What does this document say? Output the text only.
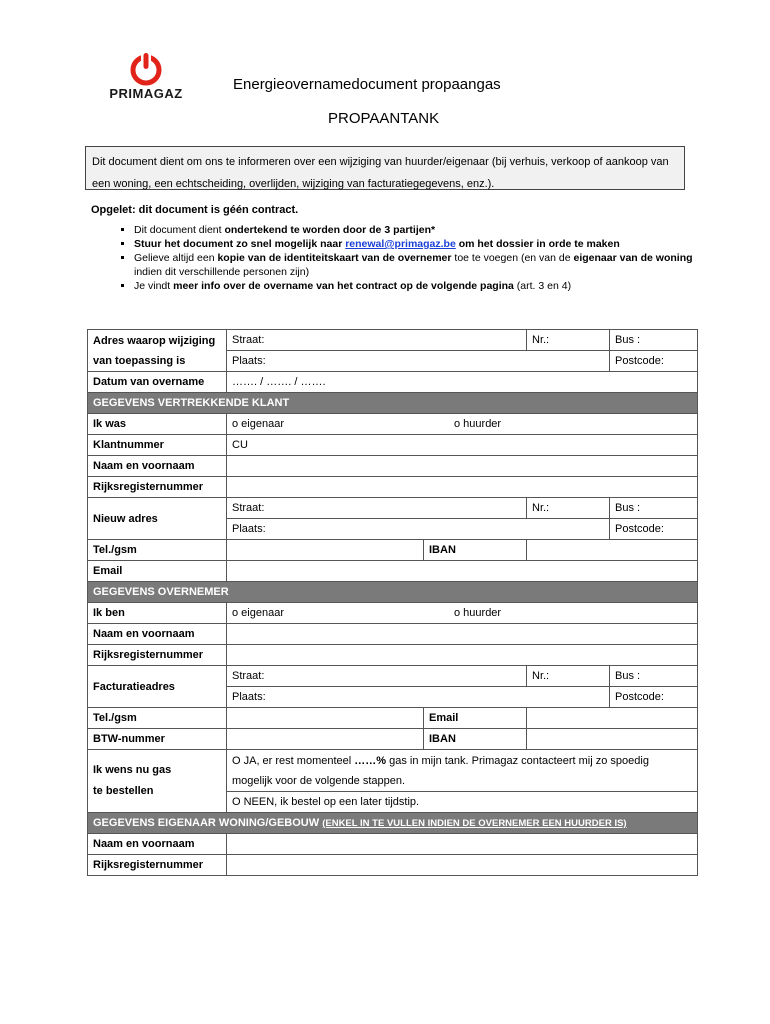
PRIMAGAZ
Energieovernamedocument propaangas
PROPAANTANK
Dit document dient om ons te informeren over een wijziging van huurder/eigenaar (bij verhuis, verkoop of aankoop van een woning, een echtscheiding, overlijden, wijziging van facturatiegegevens, enz.).
Opgelet: dit document is géén contract.
▪ Dit document dient ondertekend te worden door de 3 partijen*
▪ Stuur het document zo snel mogelijk naar renewal@primagaz.be om het dossier in orde te maken
▪ Gelieve altijd een kopie van de identiteitskaart van de overnemer toe te voegen (en van de eigenaar van de woning indien dit verschillende personen zijn)
▪ Je vindt meer info over de overname van het contract op de volgende pagina (art. 3 en 4)
Adres waarop wijziging van toepassing is	Straat:		Nr.:	Bus :
	Plaats:			Postcode:
Datum van overname	……. / ……. / …….			
GEGEVENS VERTREKKENDE KLANT				
Ik was	o eigenaar o huurder			
Klantnummer	CU			
Naam en voornaam				
Rijksregisternummer				
Nieuw adres	Straat:		Nr.:	Bus :
	Plaats:			Postcode:
Tel./gsm		IBAN		
Email				
GEGEVENS OVERNEMER				
Ik ben	o eigenaar o huurder			
Naam en voornaam				
Rijksregisternummer				
Facturatieadres	Straat:		Nr.:	Bus :
	Plaats:			Postcode:
Tel./gsm		Email		
BTW-nummer		IBAN		
Ik wens nu gas
te bestellen	O JA, er rest momenteel ……% gas in mijn tank. Primagaz contacteert mij zo spoedig mogelijk voor de volgende stappen.			
	O NEEN, ik bestel op een later tijdstip.			
GEGEVENS EIGENAAR WONING/GEBOUW (ENKEL IN TE VULLEN INDIEN DE OVERNEMER EEN HUURDER IS)				
Naam en voornaam				
Rijksregisternummer				
